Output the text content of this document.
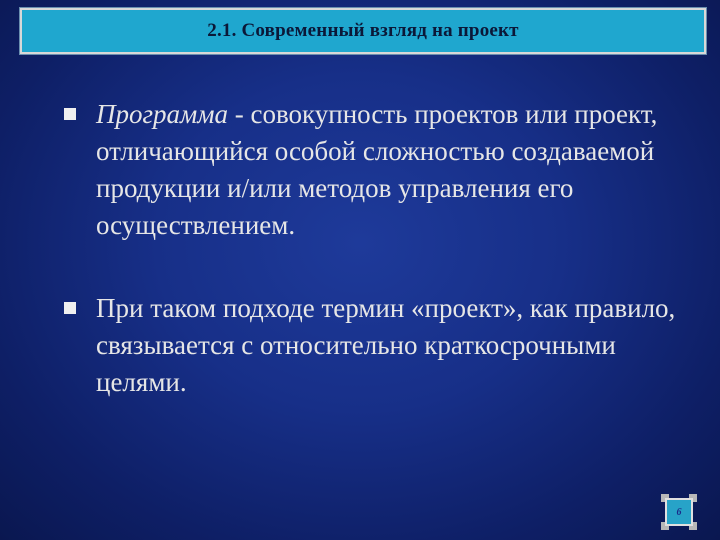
2.1. Современный взгляд на проект
Программа - совокупность проектов или проект, отличающийся особой сложностью создаваемой продукции и/или методов управления его осуществлением.
При таком подходе термин «проект», как правило, связывается с относительно краткосрочными целями.
6
